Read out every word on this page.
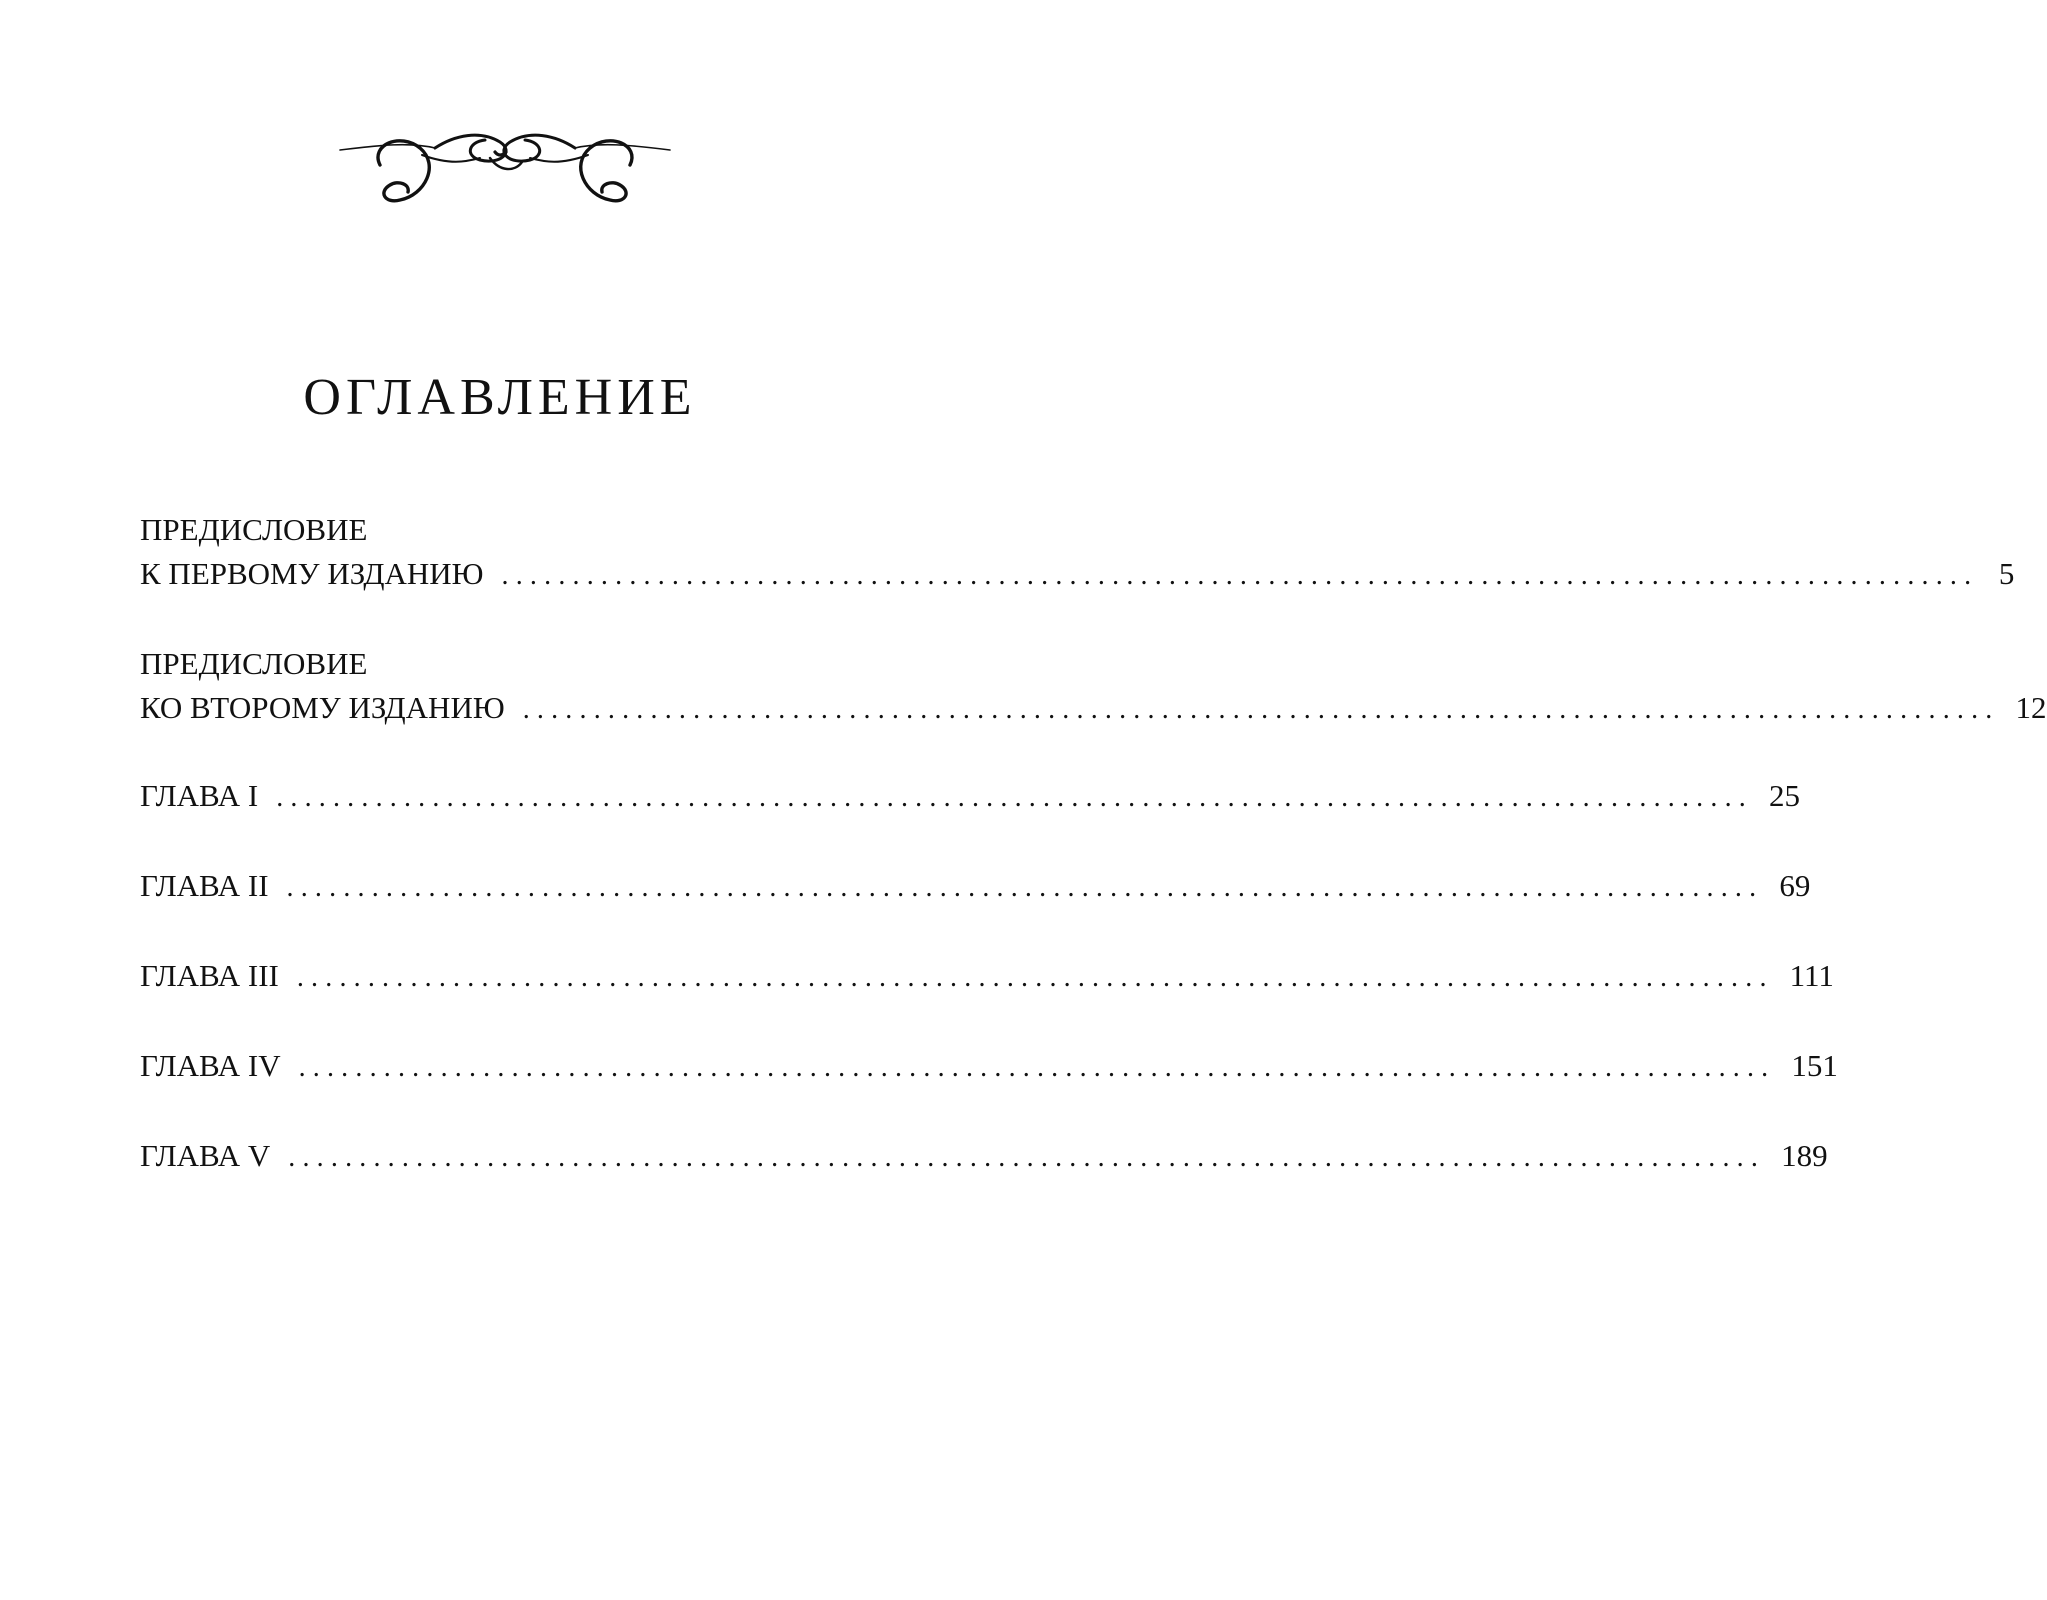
ОГЛАВЛЕНИЕ
ПРЕДИСЛОВИЕ
К ПЕРВОМУ ИЗДАНИЮ ........................................................................................................ 5
ПРЕДИСЛОВИЕ
КО ВТОРОМУ ИЗДАНИЮ ........................................................................................................ 12
ГЛАВА I ........................................................................................................ 25
ГЛАВА II ........................................................................................................ 69
ГЛАВА III ........................................................................................................ 111
ГЛАВА IV ........................................................................................................ 151
ГЛАВА V ........................................................................................................ 189
